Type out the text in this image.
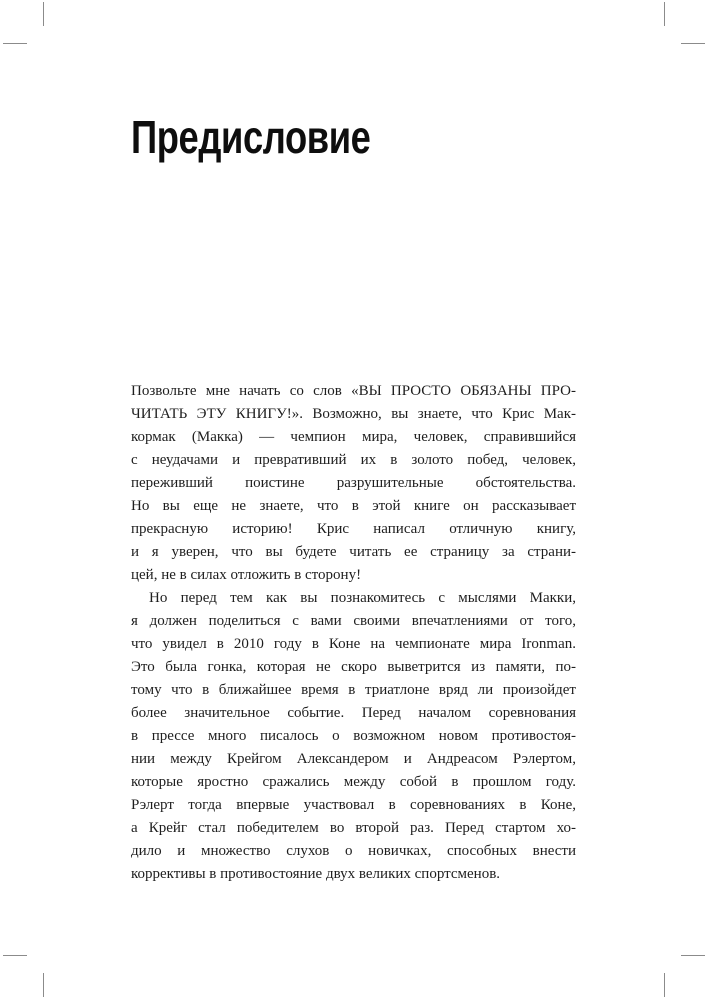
Предисловие
Позвольте мне начать со слов «ВЫ ПРОСТО ОБЯЗАНЫ ПРО-
ЧИТАТЬ ЭТУ КНИГУ!». Возможно, вы знаете, что Крис Мак-
кормак (Макка) — чемпион мира, человек, справившийся
с неудачами и превративший их в золото побед, человек,
переживший поистине разрушительные обстоятельства.
Но вы еще не знаете, что в этой книге он рассказывает
прекрасную историю! Крис написал отличную книгу,
и я уверен, что вы будете читать ее страницу за страни-
цей, не в силах отложить в сторону!
Но перед тем как вы познакомитесь с мыслями Макки,
я должен поделиться с вами своими впечатлениями от того,
что увидел в 2010 году в Коне на чемпионате мира Ironman.
Это была гонка, которая не скоро выветрится из памяти, по-
тому что в ближайшее время в триатлоне вряд ли произойдет
более значительное событие. Перед началом соревнования
в прессе много писалось о возможном новом противостоя-
нии между Крейгом Александером и Андреасом Рэлертом,
которые яростно сражались между собой в прошлом году.
Рэлерт тогда впервые участвовал в соревнованиях в Коне,
а Крейг стал победителем во второй раз. Перед стартом хо-
дило и множество слухов о новичках, способных внести
коррективы в противостояние двух великих спортсменов.
